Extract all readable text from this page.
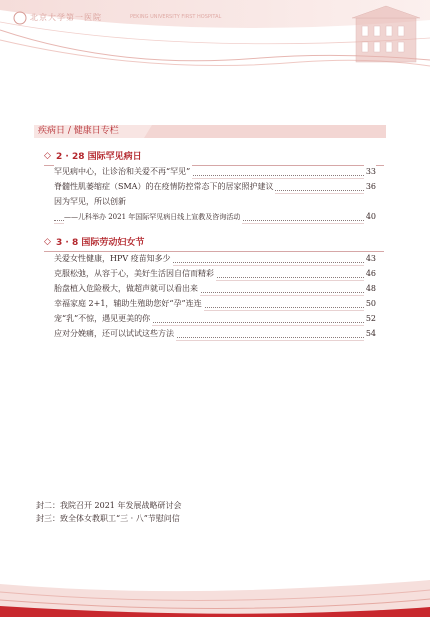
北京大学第一医院	PEKING UNIVERSITY FIRST HOSPITAL
疾病日 / 健康日专栏
◇ 2 · 28 国际罕见病日
罕见病中心，让诊治和关爱不再“罕见”	33
脊髓性肌萎缩症（SMA）的在疫情防控常态下的居家照护建议	36
因为罕见，所以创新
——儿科举办 2021 年国际罕见病日线上宣教及咨询活动	40
◇ 3 · 8 国际劳动妇女节
关爱女性健康，HPV 疫苗知多少	43
克服松弛，从容于心，美好生活因自信而精彩	46
胎盘植入危险极大，做超声就可以看出来	48
幸福家庭 2+1，辅助生殖助您好“孕”连连	50
宠“乳”不惊，遇见更美的你	52
应对分娩痛，还可以试试这些方法	54
封二：我院召开 2021 年发展战略研讨会
封三：致全体女教职工“三 · 八”节慰问信
